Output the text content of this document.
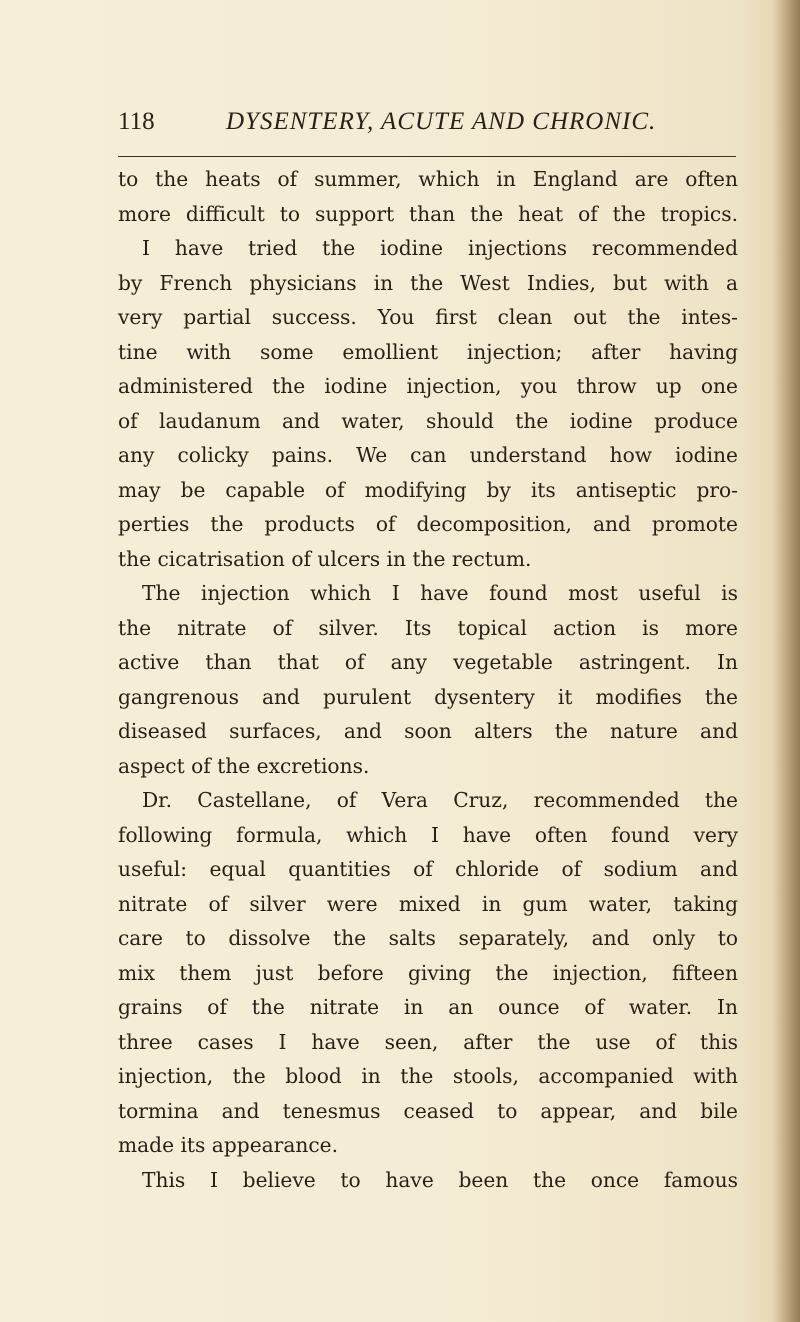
118	DYSENTERY, ACUTE AND CHRONIC.
to the heats of summer, which in England are often
more difficult to support than the heat of the tropics.
I have tried the iodine injections recommended
by French physicians in the West Indies, but with a
very partial success. You first clean out the intes-
tine with some emollient injection; after having
administered the iodine injection, you throw up one
of laudanum and water, should the iodine produce
any colicky pains. We can understand how iodine
may be capable of modifying by its antiseptic pro-
perties the products of decomposition, and promote
the cicatrisation of ulcers in the rectum.
The injection which I have found most useful is
the nitrate of silver. Its topical action is more
active than that of any vegetable astringent. In
gangrenous and purulent dysentery it modifies the
diseased surfaces, and soon alters the nature and
aspect of the excretions.
Dr. Castellane, of Vera Cruz, recommended the
following formula, which I have often found very
useful: equal quantities of chloride of sodium and
nitrate of silver were mixed in gum water, taking
care to dissolve the salts separately, and only to
mix them just before giving the injection, fifteen
grains of the nitrate in an ounce of water. In
three cases I have seen, after the use of this
injection, the blood in the stools, accompanied with
tormina and tenesmus ceased to appear, and bile
made its appearance.
This I believe to have been the once famous
